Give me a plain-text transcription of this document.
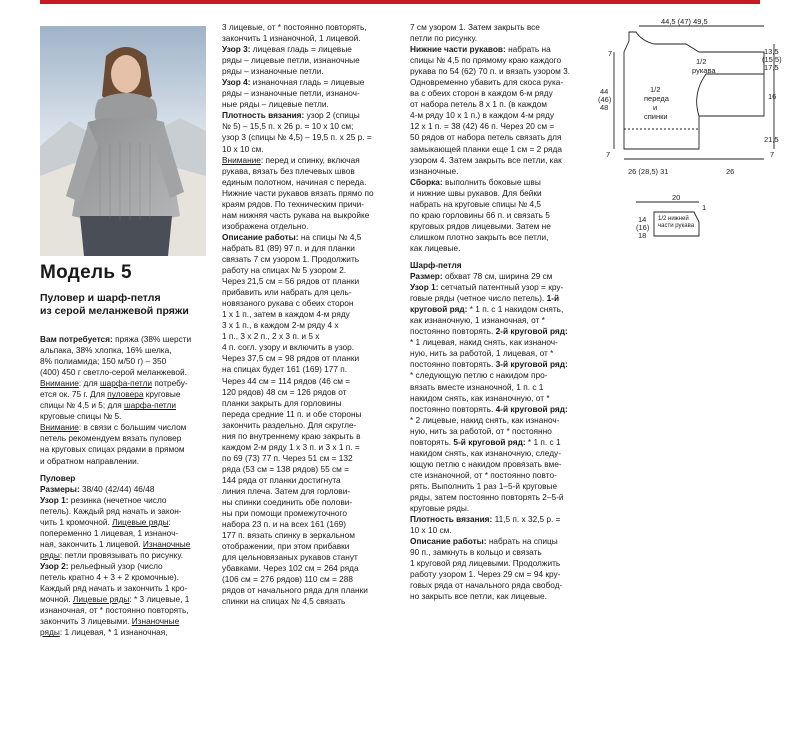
Модель 5
Пуловер и шарф-петля
из серой меланжевой пряжи

Вам потребуется: пряжа (38% шерсти

альпака, 38% хлопка, 16% шелка,

8% полиамида; 150 м/50 г) – 350

(400) 450 г светло-серой меланжевой.

Внимание: для шарфа-петли потребу-

ется ок. 75 г. Для пуловера круговые

спицы № 4,5 и 5; для шарфа-петли

круговые спицы № 5.

Внимание: в связи с большим числом

петель рекомендуем вязать пуловер

на круговых спицах рядами в прямом

и обратном направлении.

Пуловер

Размеры: 38/40 (42/44) 46/48

Узор 1: резинка (нечетное число

петель). Каждый ряд начать и закон-

чить 1 кромочной. Лицевые ряды:

попеременно 1 лицевая, 1 изнаноч-

ная, закончить 1 лицевой. Изнаночные

ряды: петли провязывать по рисунку.

Узор 2: рельефный узор (число

петель кратно 4 + 3 + 2 кромочные).

Каждый ряд начать и закончить 1 кро-

мочной. Лицевые ряды: * 3 лицевые, 1

изнаночная, от * постоянно повторять,

закончить 3 лицевыми. Изнаночные

ряды: 1 лицевая, * 1 изнаночная,

3 лицевые, от * постоянно повторять,

закончить 1 изнаночной, 1 лицевой.

Узор 3: лицевая гладь = лицевые

ряды – лицевые петли, изнаночные

ряды – изнаночные петли.

Узор 4: изнаночная гладь = лицевые

ряды – изнаночные петли, изнаноч-

ные ряды – лицевые петли.

Плотность вязания: узор 2 (спицы

№ 5) – 15,5 п. x 26 р. = 10 x 10 см;

узор 3 (спицы № 4,5) – 19,5 п. x 25 р. =

10 x 10 см.

Внимание: перед и спинку, включая

рукава, вязать без плечевых швов

единым полотном, начиная с переда.

Нижние части рукавов вязать прямо по

краям рядов. По техническим причи-

нам нижняя часть рукава на выкройке

изображена отдельно.

Описание работы: на спицы № 4,5

набрать 81 (89) 97 п. и для планки

связать 7 см узором 1. Продолжить

работу на спицах № 5 узором 2.

Через 21,5 см = 56 рядов от планки

прибавить или набрать для цель-

новязаного рукава с обеих сторон

1 x 1 п., затем в каждом 4-м ряду

3 x 1 п., в каждом 2-м ряду 4 x

1 п., 3 x 2 п., 2 x 3 п. и 5 x

4 п. согл. узору и включить в узор.

Через 37,5 см = 98 рядов от планки

на спицах будет 161 (169) 177 п.

Через 44 см = 114 рядов (46 см =

120 рядов) 48 см = 126 рядов от

планки закрыть для горловины

переда средние 11 п. и обе стороны

закончить раздельно. Для скругле-

ния по внутреннему краю закрыть в

каждом 2-м ряду 1 x 3 п. и 3 x 1 п. =

по 69 (73) 77 п. Через 51 см = 132

ряда (53 см = 138 рядов) 55 см =

144 ряда от планки достигнута

линия плеча. Затем для горлови-

ны спинки соединить обе полови-

ны при помощи промежуточного

набора 23 п. и на всех 161 (169)

177 п. вязать спинку в зеркальном

отображении, при этом прибавки

для цельновязаных рукавов станут

убавками. Через 102 см = 264 ряда

(106 см = 276 рядов) 110 см = 288

рядов от начального ряда для планки

спинки на спицах № 4,5 связать

7 см узором 1. Затем закрыть все

петли по рисунку.

Нижние части рукавов: набрать на

спицы № 4,5 по прямому краю каждого

рукава по 54 (62) 70 п. и вязать узором 3.

Одновременно убавить для скоса рука-

ва с обеих сторон в каждом 6-м ряду

от набора петель 8 x 1 п. (в каждом

4-м ряду 10 x 1 п.) в каждом 4-м ряду

12 x 1 п. = 38 (42) 46 п. Через 20 см =

50 рядов от набора петель связать для

замыкающей планки еще 1 см = 2 ряда

узором 4. Затем закрыть все петли, как

изнаночные.

Сборка: выполнить боковые швы

и нижние швы рукавов. Для бейки

набрать на круговые спицы № 4,5

по краю горловины 66 п. и связать 5

круговых рядов лицевыми. Затем не

слишком плотно закрыть все петли,

как лицевые.

Шарф-петля

Размер: обхват 78 см, ширина 29 см

Узор 1: сетчатый патентный узор = кру-

говые ряды (четное число петель). 1-й

круговой ряд: * 1 п. с 1 накидом снять,

как изнаночную, 1 изнаночная, от *

постоянно повторять. 2-й круговой ряд:

* 1 лицевая, накид снять, как изнаноч-

ную, нить за работой, 1 лицевая, от *

постоянно повторять. 3-й круговой ряд:

* следующую петлю с накидом про-

вязать вместе изнаночной, 1 п. с 1

накидом снять, как изнаночную, от *

постоянно повторять. 4-й круговой ряд:

* 2 лицевые, накид снять, как изнаноч-

ную, нить за работой, от * постоянно

повторять. 5-й круговой ряд: * 1 п. с 1

накидом снять, как изнаночную, следу-

ющую петлю с накидом провязать вме-

сте изнаночной, от * постоянно повто-

рять. Выполнить 1 раз 1–5-й круговые

ряды, затем постоянно повторять 2–5-й

круговые ряды.

Плотность вязания: 11,5 п. x 32,5 р. =

10 x 10 см.

Описание работы: набрать на спицы

90 п., замкнуть в кольцо и связать

1 круговой ряд лицевыми. Продолжить

работу узором 1. Через 29 см = 94 кру-

говых ряда от начального ряда свобод-

но закрыть все петли, как лицевые.

44,5 (47) 49,5
7
1/2 рукава
1/2 переда и спинки
13,5 (15,5) 17,5
44 (46) 48
16
21,5
7	7
26 (28,5) 31	26
20
1/2 нижней части рукава
14 (16) 18
1
